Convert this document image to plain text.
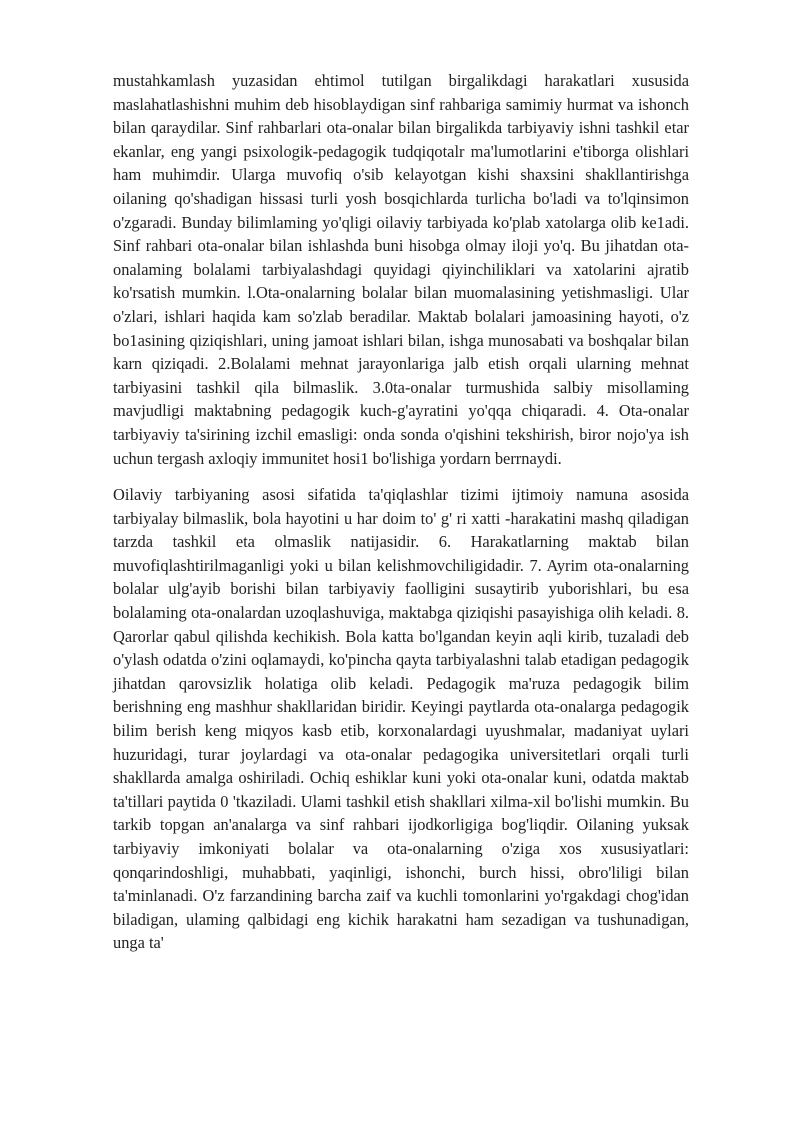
mustahkamlash yuzasidan ehtimol tutilgan birgalikdagi harakatlari xususida maslahatlashishni muhim deb hisoblaydigan sinf rahbariga samimiy hurmat va ishonch bilan qaraydilar. Sinf rahbarlari ota-onalar bilan birgalikda tarbiyaviy ishni tashkil etar ekanlar, eng yangi psixologik-pedagogik tudqiqotalr ma'lumotlarini e'tiborga olishlari ham muhimdir. Ularga muvofiq o'sib kelayotgan kishi shaxsini shakllantirishga oilaning qo'shadigan hissasi turli yosh bosqichlarda turlicha bo'ladi va to'lqinsimon o'zgaradi. Bunday bilimlaming yo'qligi oilaviy tarbiyada ko'plab xatolarga olib ke1adi. Sinf rahbari ota-onalar bilan ishlashda buni hisobga olmay iloji yo'q. Bu jihatdan ota-onalaming bolalami tarbiyalashdagi quyidagi qiyinchiliklari va xatolarini ajratib ko'rsatish mumkin. l.Ota-onalarning bolalar bilan muomalasining yetishmasligi. Ular o'zlari, ishlari haqida kam so'zlab beradilar. Maktab bolalari jamoasining hayoti, o'z bo1asining qiziqishlari, uning jamoat ishlari bilan, ishga munosabati va boshqalar bilan karn qiziqadi. 2.Bolalami mehnat jarayonlariga jalb etish orqali ularning mehnat tarbiyasini tashkil qila bilmaslik. 3.0ta-onalar turmushida salbiy misollaming mavjudligi maktabning pedagogik kuch-g'ayratini yo'qqa chiqaradi. 4. Ota-onalar tarbiyaviy ta'sirining izchil emasligi: onda sonda o'qishini tekshirish, biror nojo'ya ish uchun tergash axloqiy immunitet hosi1 bo'lishiga yordarn berrnaydi.

Oilaviy tarbiyaning asosi sifatida ta'qiqlashlar tizimi ijtimoiy namuna asosida tarbiyalay bilmaslik, bola hayotini u har doim to' g' ri xatti -harakatini mashq qiladigan tarzda tashkil eta olmaslik natijasidir. 6. Harakatlarning maktab bilan muvofiqlashtirilmaganligi yoki u bilan kelishmovchiligidadir. 7. Ayrim ota-onalarning bolalar ulg'ayib borishi bilan tarbiyaviy faolligini susaytirib yuborishlari, bu esa bolalaming ota-onalardan uzoqlashuviga, maktabga qiziqishi pasayishiga olih keladi. 8. Qarorlar qabul qilishda kechikish. Bola katta bo'lgandan keyin aqli kirib, tuzaladi deb o'ylash odatda o'zini oqlamaydi, ko'pincha qayta tarbiyalashni talab etadigan pedagogik jihatdan qarovsizlik holatiga olib keladi. Pedagogik ma'ruza pedagogik bilim berishning eng mashhur shakllaridan biridir. Keyingi paytlarda ota-onalarga pedagogik bilim berish keng miqyos kasb etib, korxonalardagi uyushmalar, madaniyat uylari huzuridagi, turar joylardagi va ota-onalar pedagogika universitetlari orqali turli shakllarda amalga oshiriladi. Ochiq eshiklar kuni yoki ota-onalar kuni, odatda maktab ta'tillari paytida 0 'tkaziladi. Ulami tashkil etish shakllari xilma-xil bo'lishi mumkin. Bu tarkib topgan an'analarga va sinf rahbari ijodkorligiga bog'liqdir. Oilaning yuksak tarbiyaviy imkoniyati bolalar va ota-onalarning o'ziga xos xususiyatlari: qonqarindoshligi, muhabbati, yaqinligi, ishonchi, burch hissi, obro'liligi bilan ta'minlanadi. O'z farzandining barcha zaif va kuchli tomonlarini yo'rgakdagi chog'idan biladigan, ulaming qalbidagi eng kichik harakatni ham sezadigan va tushunadigan, unga ta'
